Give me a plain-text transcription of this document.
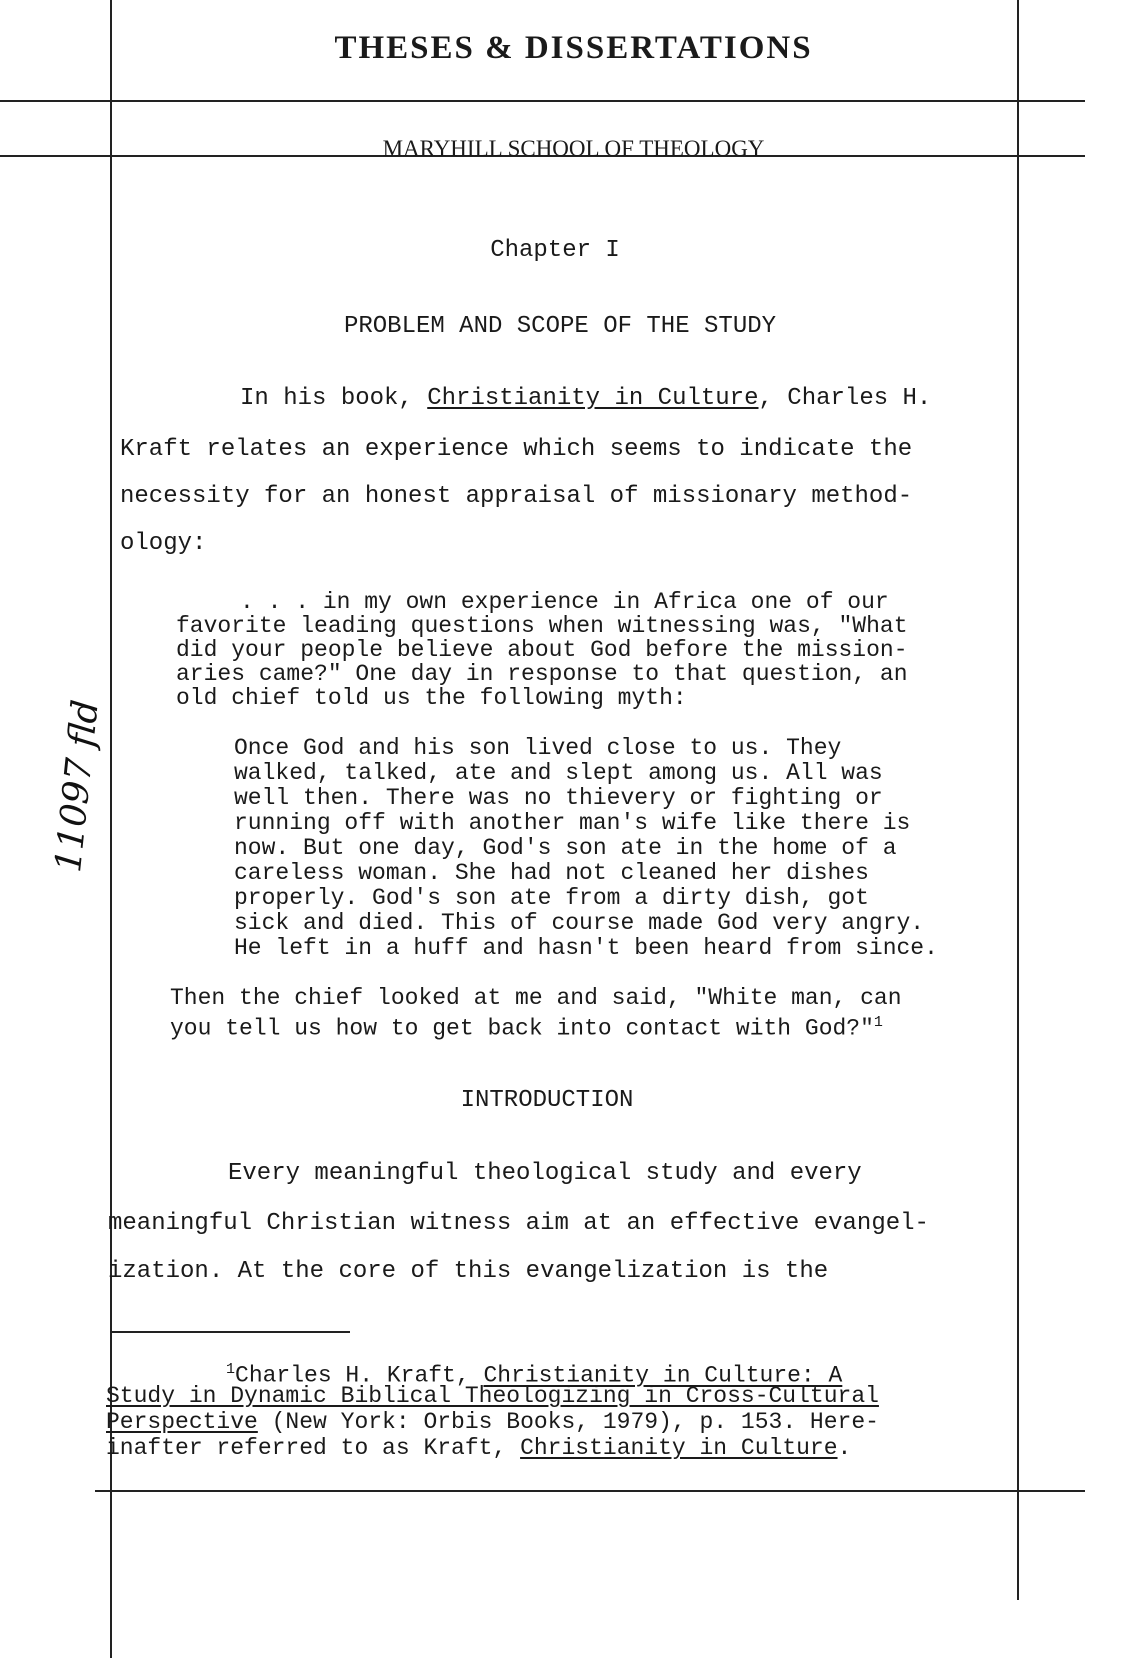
THESES & DISSERTATIONS
MARYHILL SCHOOL OF THEOLOGY
11097 fld
Chapter I
PROBLEM AND SCOPE OF THE STUDY
In his book, Christianity in Culture, Charles H.
Kraft relates an experience which seems to indicate the
necessity for an honest appraisal of missionary method-
ology:
. . . in my own experience in Africa one of our
favorite leading questions when witnessing was, "What
did your people believe about God before the mission-
aries came?" One day in response to that question, an
old chief told us the following myth:
Once God and his son lived close to us. They
walked, talked, ate and slept among us. All was
well then. There was no thievery or fighting or
running off with another man's wife like there is
now. But one day, God's son ate in the home of a
careless woman. She had not cleaned her dishes
properly. God's son ate from a dirty dish, got
sick and died. This of course made God very angry.
He left in a huff and hasn't been heard from since.
Then the chief looked at me and said, "White man, can
you tell us how to get back into contact with God?"$^1$
INTRODUCTION
Every meaningful theological study and every
meaningful Christian witness aim at an effective evangel-
ization. At the core of this evangelization is the
$^1$Charles H. Kraft, Christianity in Culture: A
Study in Dynamic Biblical Theologizing in Cross-Cultural
Perspective (New York: Orbis Books, 1979), p. 153. Here-
inafter referred to as Kraft, Christianity in Culture.
